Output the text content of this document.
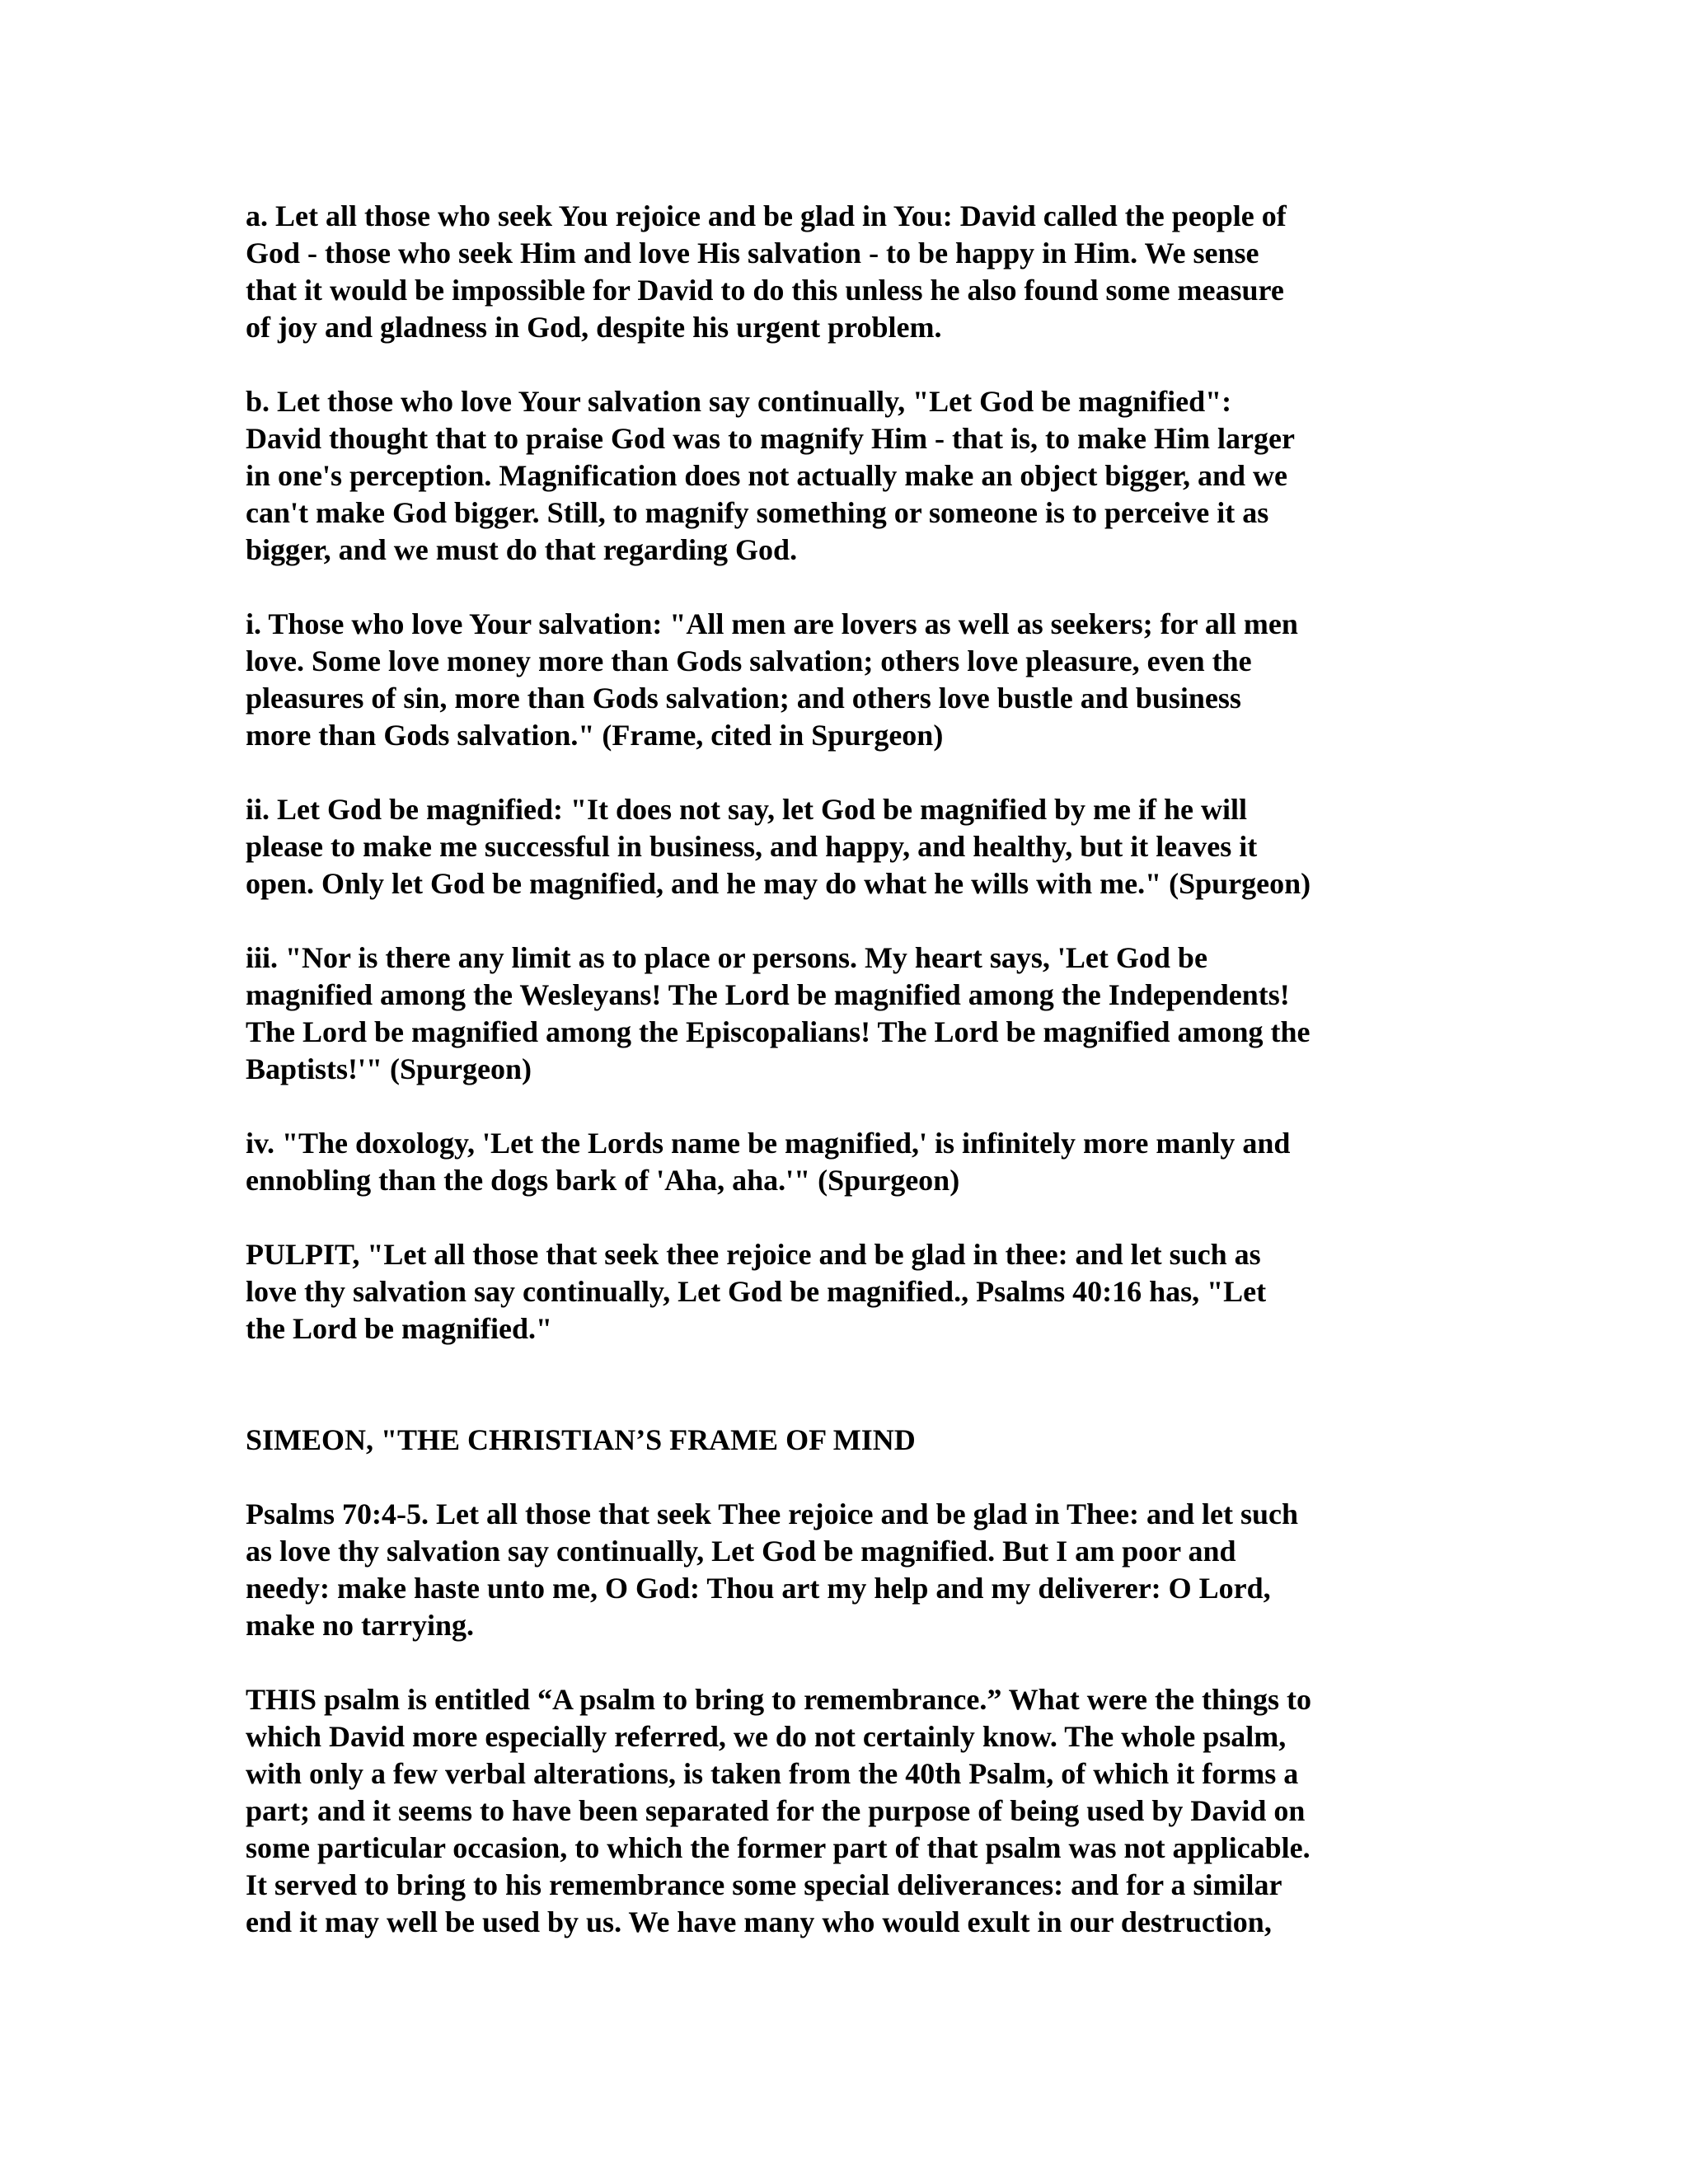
a. Let all those who seek You rejoice and be glad in You: David called the people of
God - those who seek Him and love His salvation - to be happy in Him. We sense
that it would be impossible for David to do this unless he also found some measure
of joy and gladness in God, despite his urgent problem.
b. Let those who love Your salvation say continually, "Let God be magnified":
David thought that to praise God was to magnify Him - that is, to make Him larger
in one's perception. Magnification does not actually make an object bigger, and we
can't make God bigger. Still, to magnify something or someone is to perceive it as
bigger, and we must do that regarding God.
i. Those who love Your salvation: "All men are lovers as well as seekers; for all men
love. Some love money more than Gods salvation; others love pleasure, even the
pleasures of sin, more than Gods salvation; and others love bustle and business
more than Gods salvation." (Frame, cited in Spurgeon)
ii. Let God be magnified: "It does not say, let God be magnified by me if he will
please to make me successful in business, and happy, and healthy, but it leaves it
open. Only let God be magnified, and he may do what he wills with me." (Spurgeon)
iii. "Nor is there any limit as to place or persons. My heart says, 'Let God be
magnified among the Wesleyans! The Lord be magnified among the Independents!
The Lord be magnified among the Episcopalians! The Lord be magnified among the
Baptists!'" (Spurgeon)
iv. "The doxology, 'Let the Lords name be magnified,' is infinitely more manly and
ennobling than the dogs bark of 'Aha, aha.'" (Spurgeon)
PULPIT, "Let all those that seek thee rejoice and be glad in thee: and let such as
love thy salvation say continually, Let God be magnified., Psalms 40:16 has, "Let
the Lord be magnified."
SIMEON, "THE CHRISTIAN’S FRAME OF MIND
Psalms 70:4-5. Let all those that seek Thee rejoice and be glad in Thee: and let such
as love thy salvation say continually, Let God be magnified. But I am poor and
needy: make haste unto me, O God: Thou art my help and my deliverer: O Lord,
make no tarrying.
THIS psalm is entitled “A psalm to bring to remembrance.” What were the things to
which David more especially referred, we do not certainly know. The whole psalm,
with only a few verbal alterations, is taken from the 40th Psalm, of which it forms a
part; and it seems to have been separated for the purpose of being used by David on
some particular occasion, to which the former part of that psalm was not applicable.
It served to bring to his remembrance some special deliverances: and for a similar
end it may well be used by us. We have many who would exult in our destruction,
